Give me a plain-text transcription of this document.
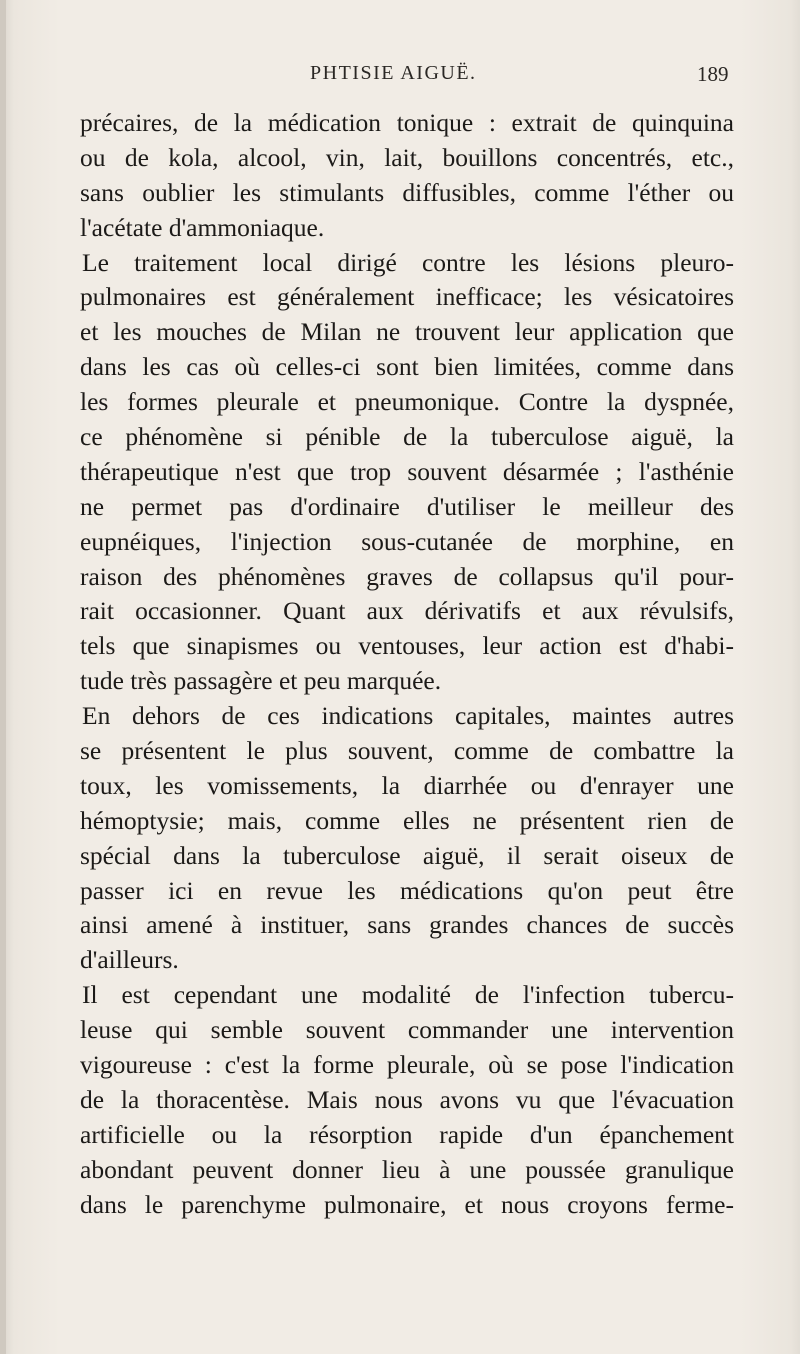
PHTISIE AIGUË.	189
précaires, de la médication tonique : extrait de quinquina
ou de kola, alcool, vin, lait, bouillons concentrés, etc.,
sans oublier les stimulants diffusibles, comme l'éther ou
l'acétate d'ammoniaque.
Le traitement local dirigé contre les lésions pleuro-
pulmonaires est généralement inefficace; les vésicatoires
et les mouches de Milan ne trouvent leur application que
dans les cas où celles-ci sont bien limitées, comme dans
les formes pleurale et pneumonique. Contre la dyspnée,
ce phénomène si pénible de la tuberculose aiguë, la
thérapeutique n'est que trop souvent désarmée ; l'asthénie
ne permet pas d'ordinaire d'utiliser le meilleur des
eupnéiques, l'injection sous-cutanée de morphine, en
raison des phénomènes graves de collapsus qu'il pour-
rait occasionner. Quant aux dérivatifs et aux révulsifs,
tels que sinapismes ou ventouses, leur action est d'habi-
tude très passagère et peu marquée.
En dehors de ces indications capitales, maintes autres
se présentent le plus souvent, comme de combattre la
toux, les vomissements, la diarrhée ou d'enrayer une
hémoptysie; mais, comme elles ne présentent rien de
spécial dans la tuberculose aiguë, il serait oiseux de
passer ici en revue les médications qu'on peut être
ainsi amené à instituer, sans grandes chances de succès
d'ailleurs.
Il est cependant une modalité de l'infection tubercu-
leuse qui semble souvent commander une intervention
vigoureuse : c'est la forme pleurale, où se pose l'indication
de la thoracentèse. Mais nous avons vu que l'évacuation
artificielle ou la résorption rapide d'un épanchement
abondant peuvent donner lieu à une poussée granulique
dans le parenchyme pulmonaire, et nous croyons ferme-
